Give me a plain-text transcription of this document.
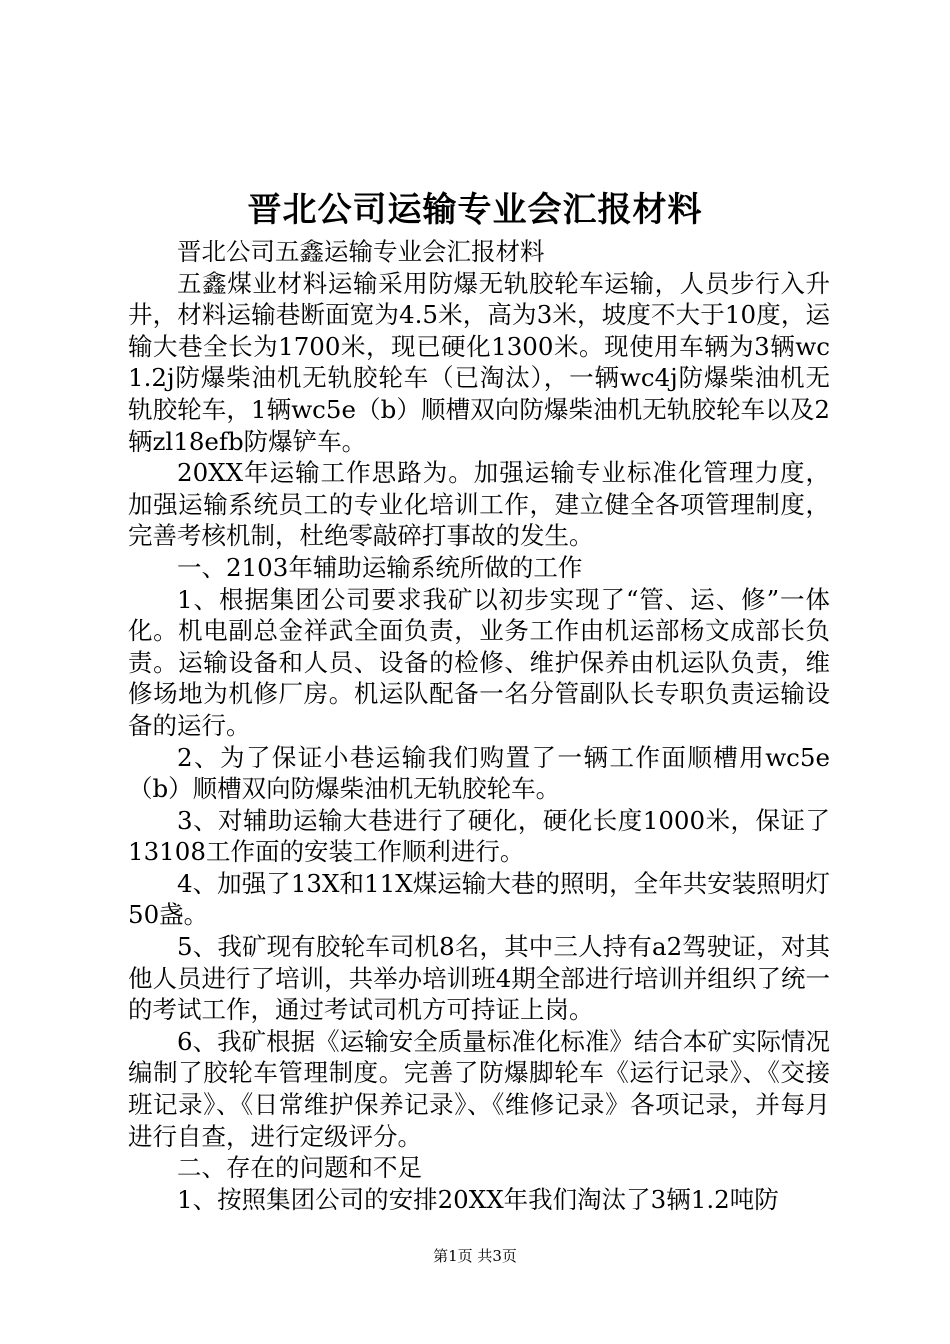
晋北公司运输专业会汇报材料

晋北公司五鑫运输专业会汇报材料

五鑫煤业材料运输采用防爆无轨胶轮车运输，人员步行入升井，材料运输巷断面宽为4.5米，高为3米，坡度不大于10度，运输大巷全长为1700米，现已硬化1300米。现使用车辆为3辆wc1.2j防爆柴油机无轨胶轮车（已淘汰），一辆wc4j防爆柴油机无轨胶轮车，1辆wc5e（b）顺槽双向防爆柴油机无轨胶轮车以及2辆zl18efb防爆铲车。

20XX年运输工作思路为。加强运输专业标准化管理力度，加强运输系统员工的专业化培训工作，建立健全各项管理制度，完善考核机制，杜绝零敲碎打事故的发生。

一、2103年辅助运输系统所做的工作

1、根据集团公司要求我矿以初步实现了“管、运、修”一体化。机电副总金祥武全面负责，业务工作由机运部杨文成部长负责。运输设备和人员、设备的检修、维护保养由机运队负责，维修场地为机修厂房。机运队配备一名分管副队长专职负责运输设备的运行。

2、为了保证小巷运输我们购置了一辆工作面顺槽用wc5e（b）顺槽双向防爆柴油机无轨胶轮车。

3、对辅助运输大巷进行了硬化，硬化长度1000米，保证了13108工作面的安装工作顺利进行。

4、加强了13X和11X煤运输大巷的照明，全年共安装照明灯50盏。

5、我矿现有胶轮车司机8名，其中三人持有a2驾驶证，对其他人员进行了培训，共举办培训班4期全部进行培训并组织了统一的考试工作，通过考试司机方可持证上岗。

6、我矿根据《运输安全质量标准化标准》结合本矿实际情况编制了胶轮车管理制度。完善了防爆脚轮车《运行记录》、《交接班记录》、《日常维护保养记录》、《维修记录》各项记录，并每月进行自查，进行定级评分。

二、存在的问题和不足

1、按照集团公司的安排20XX年我们淘汰了3辆1.2吨防

第1页 共3页
